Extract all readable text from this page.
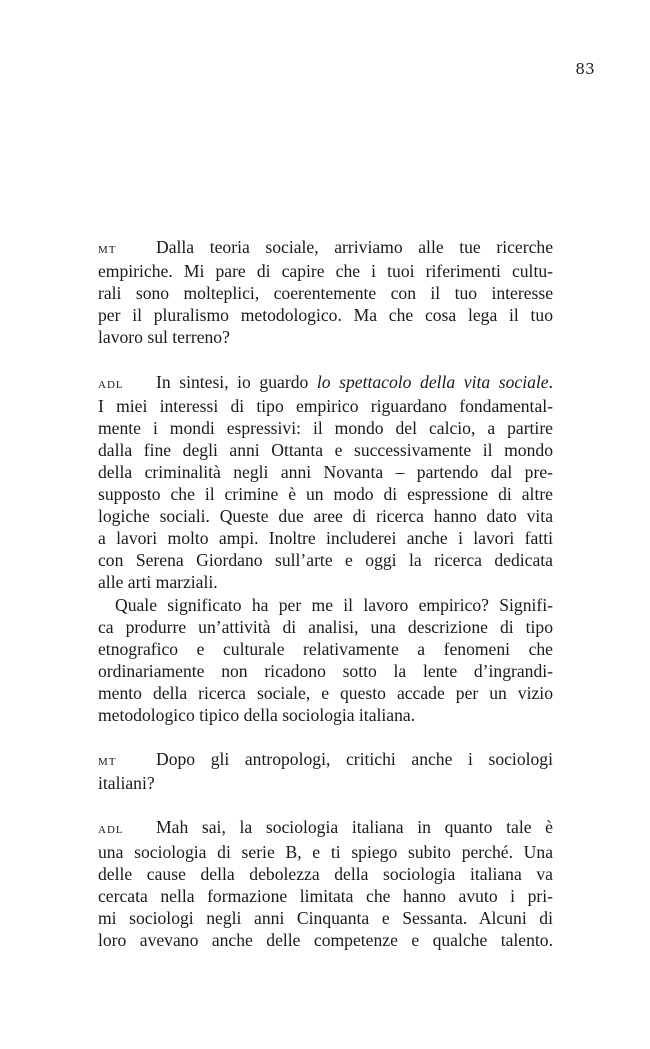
83
mt Dalla teoria sociale, arriviamo alle tue ricerche
empiriche. Mi pare di capire che i tuoi riferimenti cultu-
rali sono molteplici, coerentemente con il tuo interesse
per il pluralismo metodologico. Ma che cosa lega il tuo
lavoro sul terreno?
adl In sintesi, io guardo lo spettacolo della vita sociale.
I miei interessi di tipo empirico riguardano fondamental-
mente i mondi espressivi: il mondo del calcio, a partire
dalla fine degli anni Ottanta e successivamente il mondo
della criminalità negli anni Novanta – partendo dal pre-
supposto che il crimine è un modo di espressione di altre
logiche sociali. Queste due aree di ricerca hanno dato vita
a lavori molto ampi. Inoltre includerei anche i lavori fatti
con Serena Giordano sull’arte e oggi la ricerca dedicata
alle arti marziali.
Quale significato ha per me il lavoro empirico? Signifi-
ca produrre un’attività di analisi, una descrizione di tipo
etnografico e culturale relativamente a fenomeni che
ordinariamente non ricadono sotto la lente d’ingrandi-
mento della ricerca sociale, e questo accade per un vizio
metodologico tipico della sociologia italiana.
mt Dopo gli antropologi, critichi anche i sociologi
italiani?
adl Mah sai, la sociologia italiana in quanto tale è
una sociologia di serie B, e ti spiego subito perché. Una
delle cause della debolezza della sociologia italiana va
cercata nella formazione limitata che hanno avuto i pri-
mi sociologi negli anni Cinquanta e Sessanta. Alcuni di
loro avevano anche delle competenze e qualche talento.
